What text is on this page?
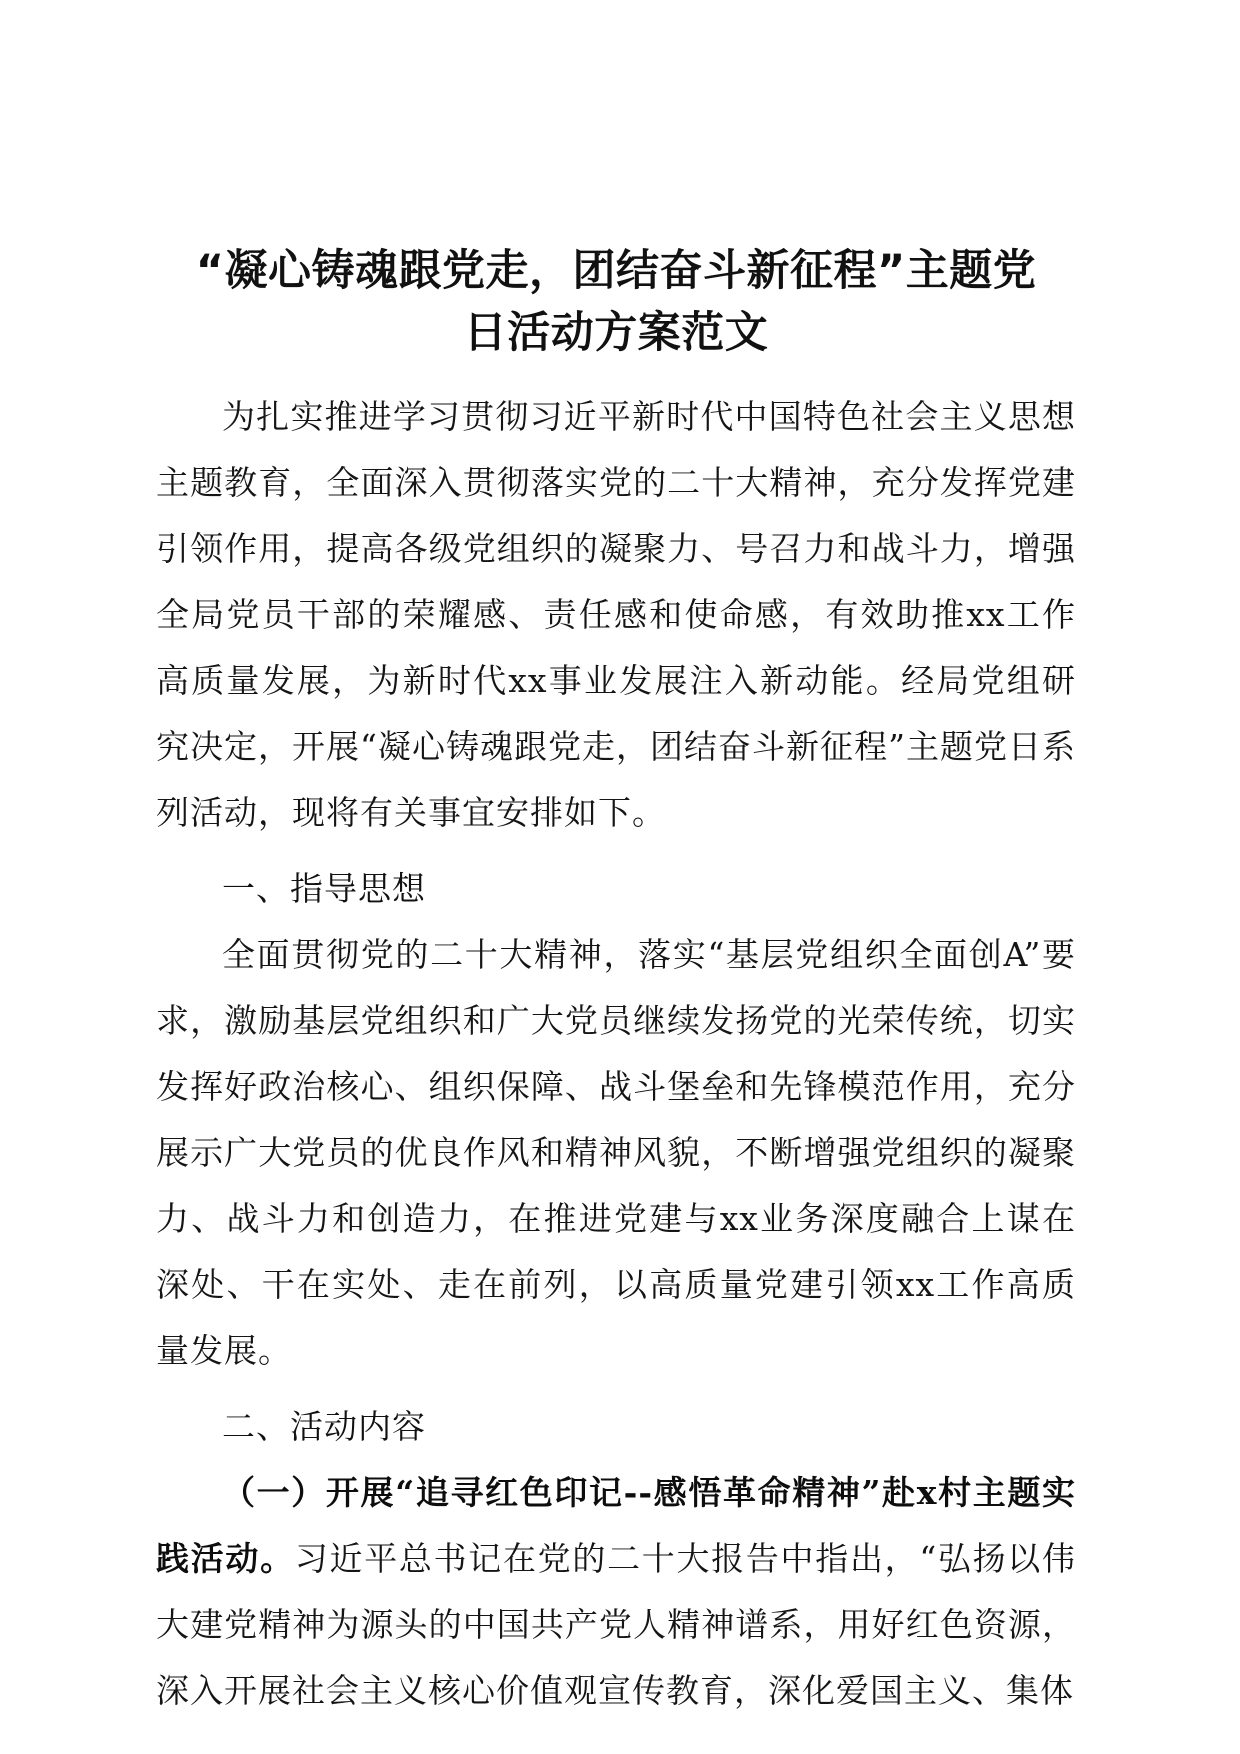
“凝心铸魂跟党走，团结奋斗新征程”主题党
日活动方案范文

为扎实推进学习贯彻习近平新时代中国特色社会主义思想主题教育，全面深入贯彻落实党的二十大精神，充分发挥党建引领作用，提高各级党组织的凝聚力、号召力和战斗力，增强全局党员干部的荣耀感、责任感和使命感，有效助推xx工作高质量发展，为新时代xx事业发展注入新动能。经局党组研究决定，开展“凝心铸魂跟党走，团结奋斗新征程”主题党日系列活动，现将有关事宜安排如下。

一、指导思想

全面贯彻党的二十大精神，落实“基层党组织全面创A”要求，激励基层党组织和广大党员继续发扬党的光荣传统，切实发挥好政治核心、组织保障、战斗堡垒和先锋模范作用，充分展示广大党员的优良作风和精神风貌，不断增强党组织的凝聚力、战斗力和创造力，在推进党建与xx业务深度融合上谋在深处、干在实处、走在前列，以高质量党建引领xx工作高质量发展。

二、活动内容

（一）开展“追寻红色印记--感悟革命精神”赴x村主题实践活动。习近平总书记在党的二十大报告中指出，“弘扬以伟大建党精神为源头的中国共产党人精神谱系，用好红色资源，深入开展社会主义核心价值观宣传教育，深化爱国主义、集体
